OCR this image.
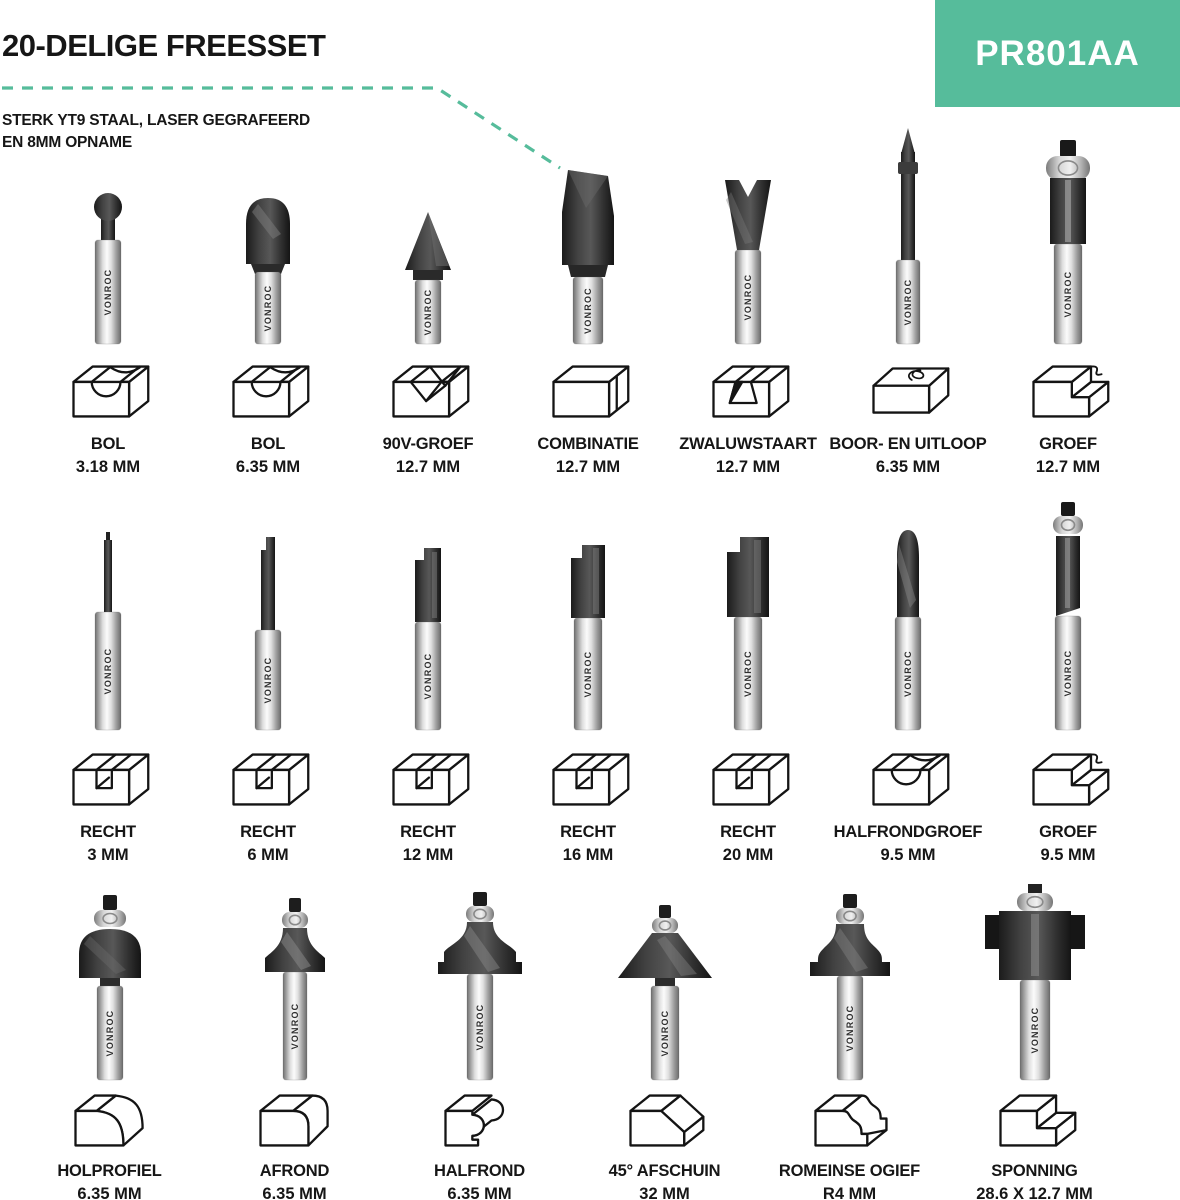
20-DELIGE FREESSET
STERK YT9 STAAL, LASER GEGRAFEERD
EN 8MM OPNAME
PR801AA
VONROC
BOL
3.18 MM
VONROC
BOL
6.35 MM
VONROC
90V-GROEF
12.7 MM
VONROC
COMBINATIE
12.7 MM
VONROC
ZWALUWSTAART
12.7 MM
VONROC
BOOR- EN UITLOOP
6.35 MM
VONROC
GROEF
12.7 MM
VONROC
RECHT
3 MM
VONROC
RECHT
6 MM
VONROC
RECHT
12 MM
VONROC
RECHT
16 MM
VONROC
RECHT
20 MM
VONROC
HALFRONDGROEF
9.5 MM
VONROC
GROEF
9.5 MM
VONROC
HOLPROFIEL
6.35 MM
VONROC
AFROND
6.35 MM
VONROC
HALFROND
6.35 MM
VONROC
45° AFSCHUIN
32 MM
VONROC
ROMEINSE OGIEF
R4 MM
VONROC
SPONNING
28.6 X 12.7 MM
